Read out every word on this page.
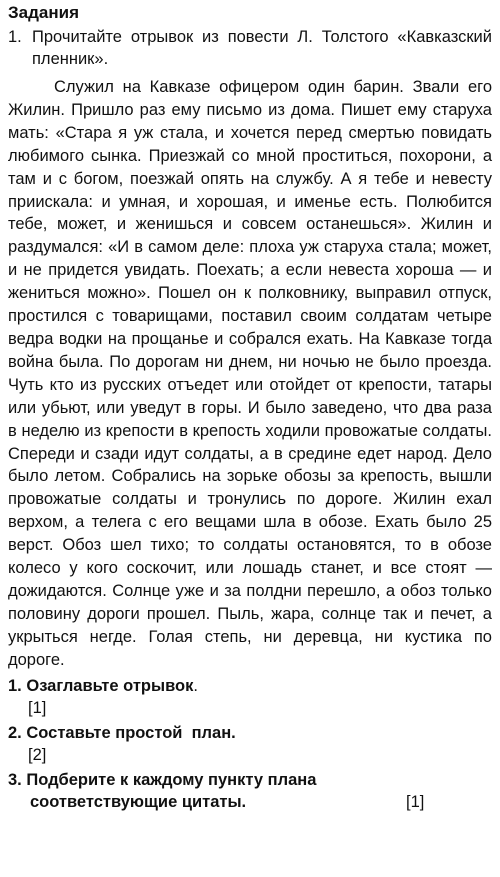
Задания
1. Прочитайте отрывок из повести Л. Толстого «Кавказский пленник».

Служил на Кавказе офицером один барин. Звали его Жилин. Пришло раз ему письмо из дома. Пишет ему старуха мать: «Стара я уж стала, и хочется перед смертью повидать любимого сынка. Приезжай со мной проститься, похорони, а там и с богом, поезжай опять на службу. А я тебе и невесту приискала: и умная, и хорошая, и именье есть. Полюбится тебе, может, и женишься и совсем останешься». Жилин и раздумался: «И в самом деле: плоха уж старуха стала; может, и не придется увидать. Поехать; а если невеста хороша — и жениться можно». Пошел он к полковнику, выправил отпуск, простился с товарищами, поставил своим солдатам четыре ведра водки на прощанье и собрался ехать. На Кавказе тогда война была. По дорогам ни днем, ни ночью не было проезда. Чуть кто из русских отъедет или отойдет от крепости, татары или убьют, или уведут в горы. И было заведено, что два раза в неделю из крепости в крепость ходили провожатые солдаты. Спереди и сзади идут солдаты, а в средине едет народ. Дело было летом. Собрались на зорьке обозы за крепость, вышли провожатые солдаты и тронулись по дороге. Жилин ехал верхом, а телега с его вещами шла в обозе. Ехать было 25 верст. Обоз шел тихо; то солдаты остановятся, то в обозе колесо у кого соскочит, или лошадь станет, и все стоят — дожидаются. Солнце уже и за полдни перешло, а обоз только половину дороги прошел. Пыль, жара, солнце так и печет, а укрыться негде. Голая степь, ни деревца, ни кустика по дороге.

1. Озаглавьте отрывок.
[1]
2. Составьте простой  план.
[2]
3. Подберите к каждому пункту плана
соответствующие цитаты.	[1]
